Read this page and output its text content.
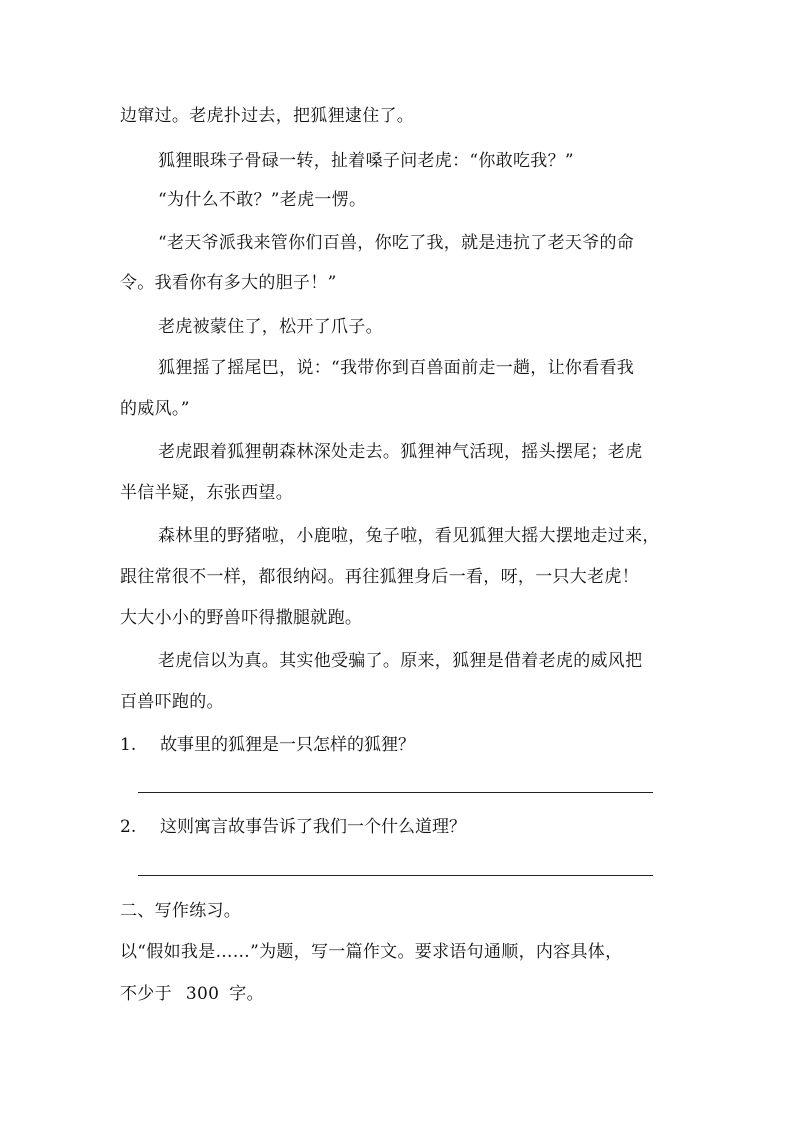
边窜过。老虎扑过去，把狐狸逮住了。
狐狸眼珠子骨碌一转，扯着嗓子问老虎：“你敢吃我？”
“为什么不敢？”老虎一愣。
“老天爷派我来管你们百兽，你吃了我，就是违抗了老天爷的命
令。我看你有多大的胆子！”
老虎被蒙住了，松开了爪子。
狐狸摇了摇尾巴，说：“我带你到百兽面前走一趟，让你看看我
的威风。”
老虎跟着狐狸朝森林深处走去。狐狸神气活现，摇头摆尾；老虎
半信半疑，东张西望。
森林里的野猪啦，小鹿啦，兔子啦，看见狐狸大摇大摆地走过来，
跟往常很不一样，都很纳闷。再往狐狸身后一看，呀，一只大老虎！
大大小小的野兽吓得撒腿就跑。
老虎信以为真。其实他受骗了。原来，狐狸是借着老虎的威风把
百兽吓跑的。
1. 故事里的狐狸是一只怎样的狐狸？
2. 这则寓言故事告诉了我们一个什么道理？
二、写作练习。
以“假如我是……”为题，写一篇作文。要求语句通顺，内容具体，
不少于 300 字。
